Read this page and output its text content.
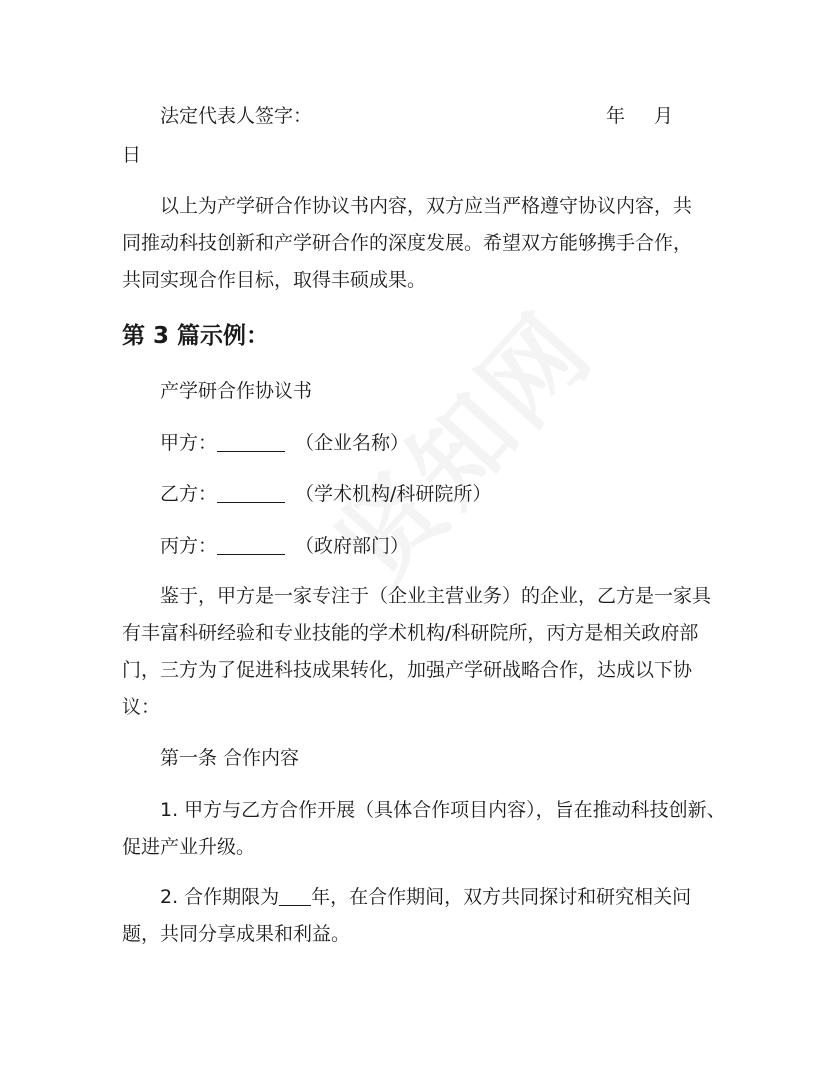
法定代表人签字：	年 月
日
以上为产学研合作协议书内容，双方应当严格遵守协议内容，共
同推动科技创新和产学研合作的深度发展。希望双方能够携手合作，
共同实现合作目标，取得丰硕成果。
第 3 篇示例：
产学研合作协议书
甲方：	（企业名称）
乙方：	（学术机构/科研院所）
丙方：	（政府部门）
鉴于，甲方是一家专注于（企业主营业务）的企业，乙方是一家具
有丰富科研经验和专业技能的学术机构/科研院所，丙方是相关政府部
门，三方为了促进科技成果转化，加强产学研战略合作，达成以下协
议：
第一条 合作内容
1. 甲方与乙方合作开展（具体合作项目内容），旨在推动科技创新、
促进产业升级。
2. 合作期限为 年，在合作期间，双方共同探讨和研究相关问
题，共同分享成果和利益。
